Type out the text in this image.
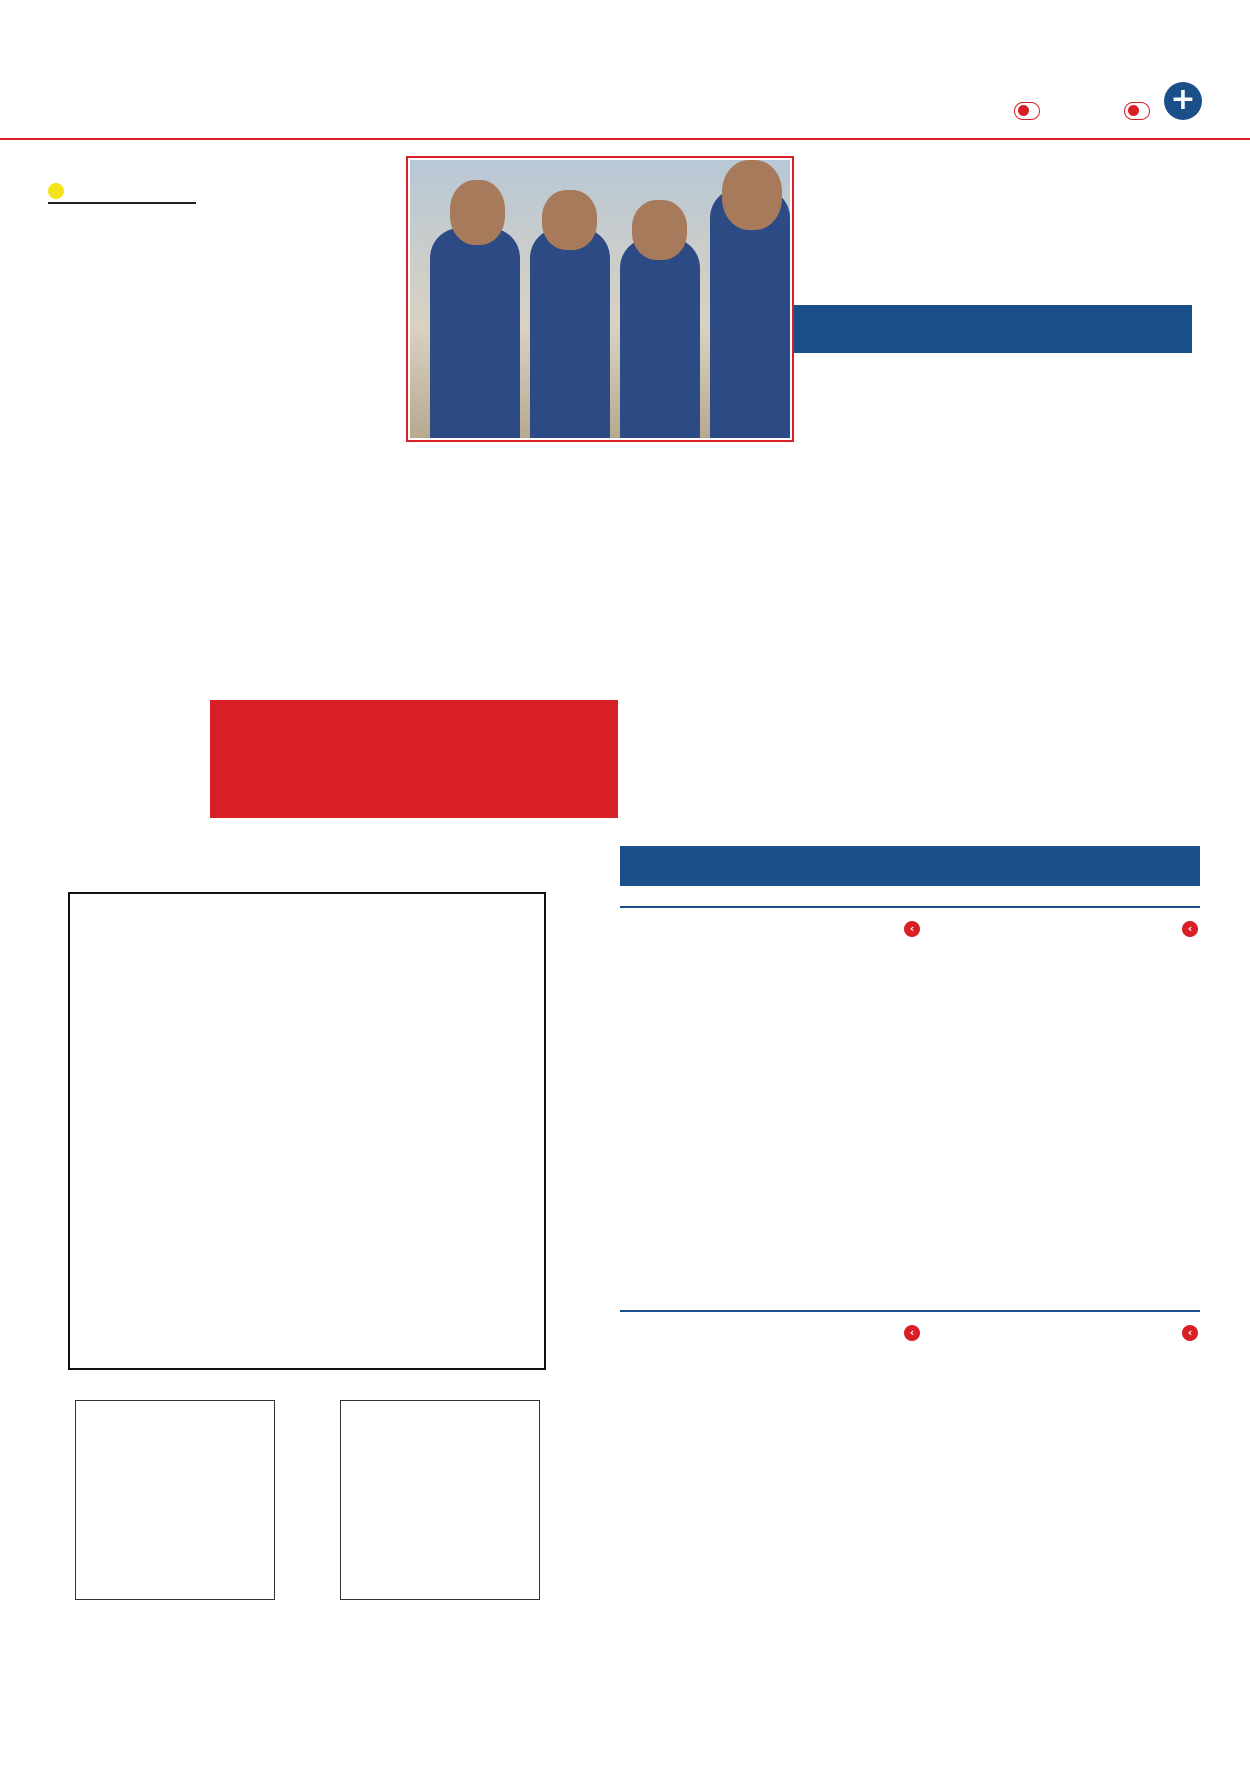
+
›
›
›
›
